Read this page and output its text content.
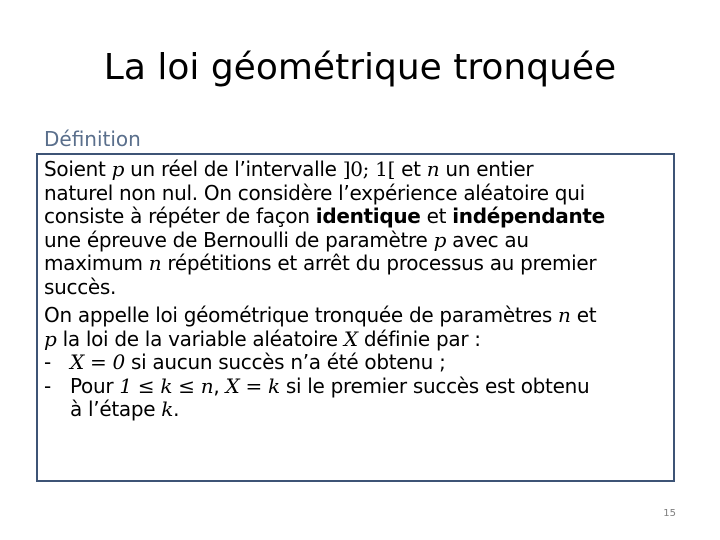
La loi géométrique tronquée
Définition
Soient p un réel de l’intervalle ]0; 1[ et n un entier
naturel non nul. On considère l’expérience aléatoire qui
consiste à répéter de façon identique et indépendante
une épreuve de Bernoulli de paramètre p avec au
maximum n répétitions et arrêt du processus au premier
succès.
On appelle loi géométrique tronquée de paramètres n et
p la loi de la variable aléatoire X définie par :
- X = 0 si aucun succès n’a été obtenu ;
- Pour 1 ≤ k ≤ n, X = k si le premier succès est obtenu
à l’étape k.
15
